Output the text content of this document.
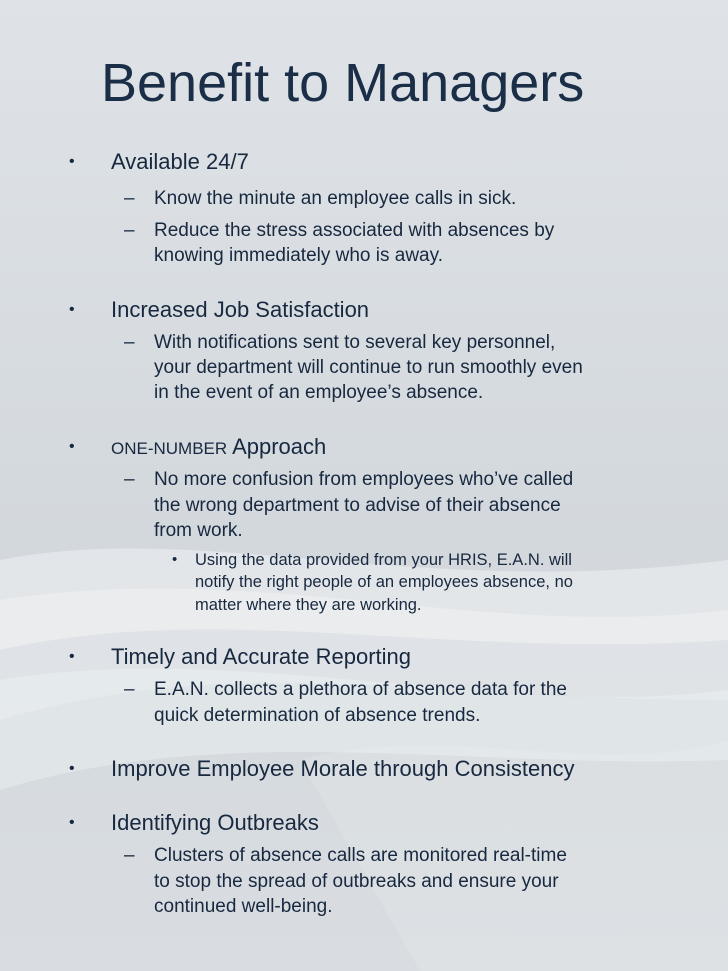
Benefit to Managers
• Available 24/7
– Know the minute an employee calls in sick.
– Reduce the stress associated with absences by
knowing immediately who is away.
• Increased Job Satisfaction
– With notifications sent to several key personnel,
your department will continue to run smoothly even
in the event of an employee’s absence.
• ONE-NUMBER Approach
– No more confusion from employees who’ve called
the wrong department to advise of their absence
from work.
• Using the data provided from your HRIS, E.A.N. will
notify the right people of an employees absence, no
matter where they are working.
• Timely and Accurate Reporting
– E.A.N. collects a plethora of absence data for the
quick determination of absence trends.
• Improve Employee Morale through Consistency
• Identifying Outbreaks
– Clusters of absence calls are monitored real-time
to stop the spread of outbreaks and ensure your
continued well-being.
